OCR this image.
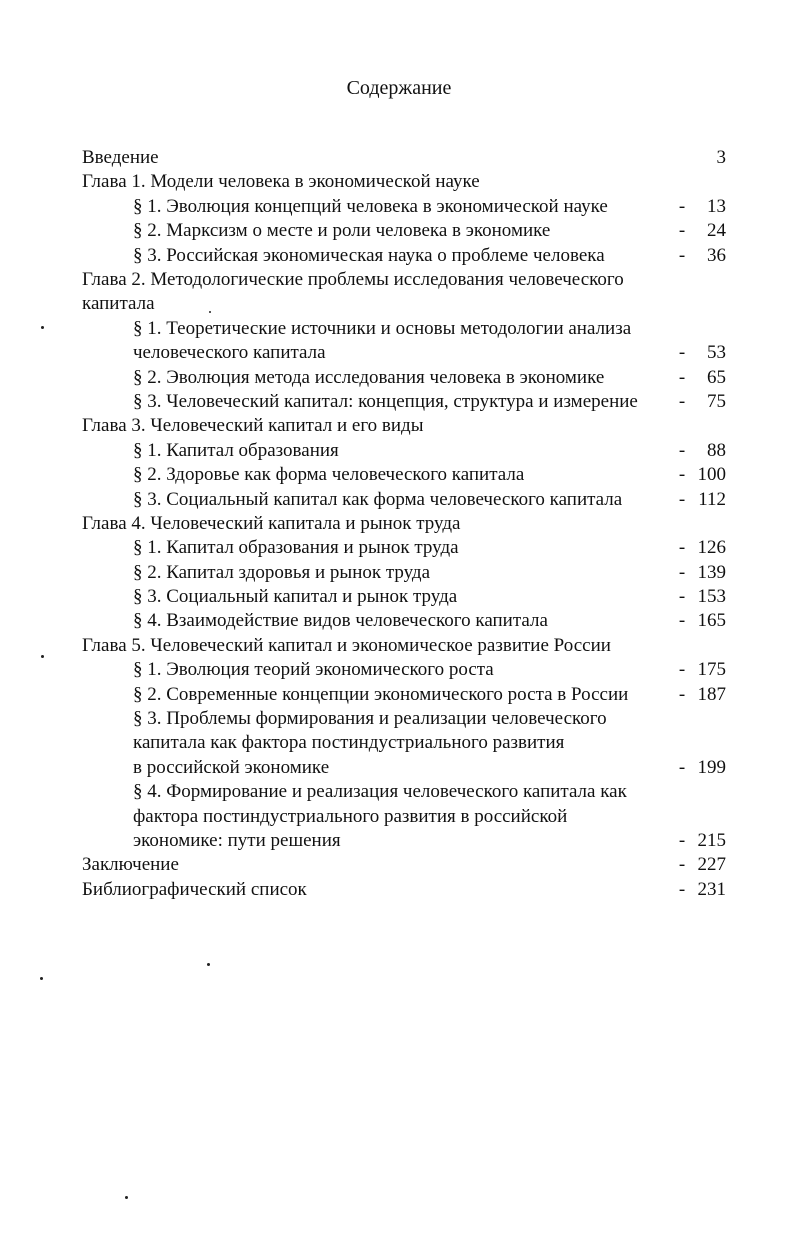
Содержание
Введение	3
Глава 1. Модели человека в экономической науке
§ 1. Эволюция концепций человека в экономической науке	- 13
§ 2. Марксизм о месте и роли человека в экономике	- 24
§ 3. Российская экономическая наука о проблеме человека	- 36
Глава 2. Методологические проблемы исследования человеческого
капитала
§ 1. Теоретические источники и основы методологии анализа
человеческого капитала	- 53
§ 2. Эволюция метода исследования человека в экономике	- 65
§ 3. Человеческий капитал: концепция, структура и измерение - 75
Глава 3. Человеческий капитал и его виды
§ 1. Капитал образования	- 88
§ 2. Здоровье как форма человеческого капитала	- 100
§ 3. Социальный капитал как форма человеческого капитала	- 112
Глава 4. Человеческий капитала и рынок труда
§ 1. Капитал образования и рынок труда	- 126
§ 2. Капитал здоровья и рынок труда	- 139
§ 3. Социальный капитал и рынок труда	- 153
§ 4. Взаимодействие видов человеческого капитала	- 165
Глава 5. Человеческий капитал и экономическое развитие России
§ 1. Эволюция теорий экономического роста	- 175
§ 2. Современные концепции экономического роста в России	- 187
§ 3. Проблемы формирования и реализации человеческого
капитала как фактора постиндустриального развития
в российской экономике	- 199
§ 4. Формирование и реализация человеческого капитала как
фактора постиндустриального развития в российской
экономике: пути решения	- 215
Заключение	- 227
Библиографический список	- 231
